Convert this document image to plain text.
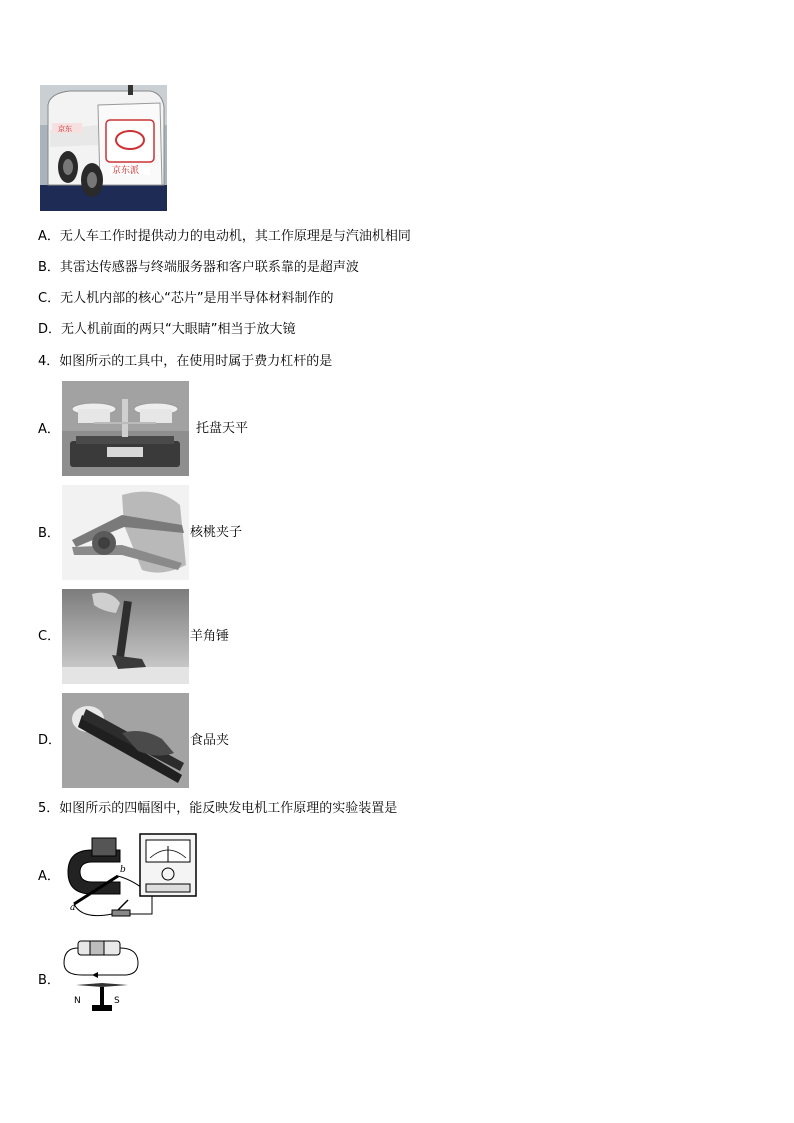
京东派
京东
A．无人车工作时提供动力的电动机，其工作原理是与汽油机相同
B．其雷达传感器与终端服务器和客户联系靠的是超声波
C．无人机内部的核心“芯片”是用半导体材料制作的
D．无人机前面的两只“大眼睛”相当于放大镜
4．如图所示的工具中，在使用时属于费力杠杆的是
A．	托盘天平
B．	核桃夹子
C．	羊角锤
D．	食品夹
5．如图所示的四幅图中，能反映发电机工作原理的实验装置是
A．
a
b
B．
N	S
